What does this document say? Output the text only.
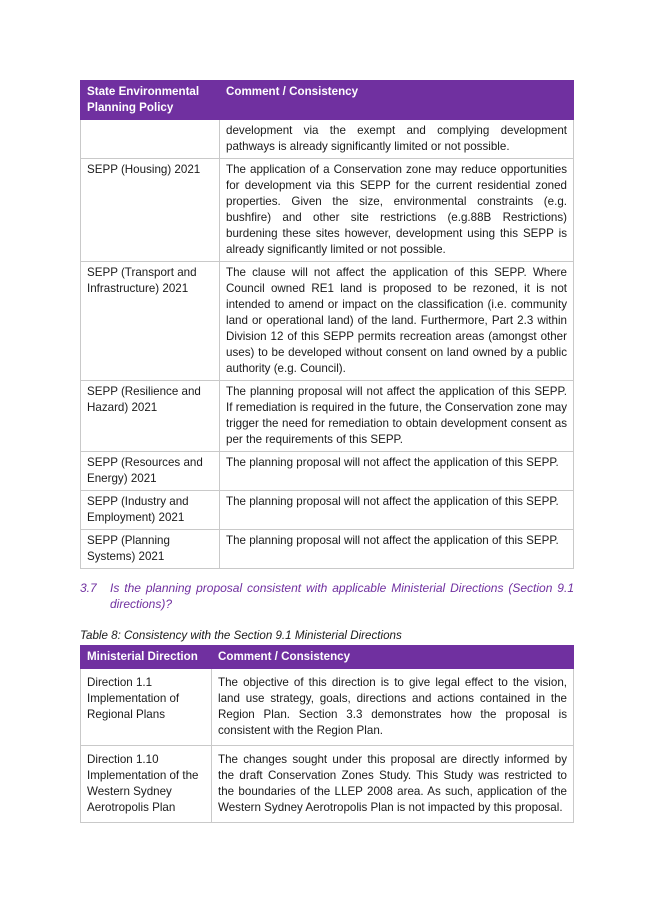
State Environmental Planning Policy	Comment / Consistency
	development via the exempt and complying development pathways is already significantly limited or not possible.
SEPP (Housing) 2021	The application of a Conservation zone may reduce opportunities for development via this SEPP for the current residential zoned properties. Given the size, environmental constraints (e.g. bushfire) and other site restrictions (e.g.88B Restrictions) burdening these sites however, development using this SEPP is already significantly limited or not possible.
SEPP (Transport and Infrastructure) 2021	The clause will not affect the application of this SEPP. Where Council owned RE1 land is proposed to be rezoned, it is not intended to amend or impact on the classification (i.e. community land or operational land) of the land. Furthermore, Part 2.3 within Division 12 of this SEPP permits recreation areas (amongst other uses) to be developed without consent on land owned by a public authority (e.g. Council).
SEPP (Resilience and Hazard) 2021	The planning proposal will not affect the application of this SEPP. If remediation is required in the future, the Conservation zone may trigger the need for remediation to obtain development consent as per the requirements of this SEPP.
SEPP (Resources and Energy) 2021	The planning proposal will not affect the application of this SEPP.
SEPP (Industry and Employment) 2021	The planning proposal will not affect the application of this SEPP.
SEPP (Planning Systems) 2021	The planning proposal will not affect the application of this SEPP.
3.7 Is the planning proposal consistent with applicable Ministerial Directions (Section 9.1 directions)?
Table 8: Consistency with the Section 9.1 Ministerial Directions
Ministerial Direction	Comment / Consistency
Direction 1.1 Implementation of Regional Plans	The objective of this direction is to give legal effect to the vision, land use strategy, goals, directions and actions contained in the Region Plan. Section 3.3 demonstrates how the proposal is consistent with the Region Plan.
Direction 1.10 Implementation of the Western Sydney Aerotropolis Plan	The changes sought under this proposal are directly informed by the draft Conservation Zones Study. This Study was restricted to the boundaries of the LLEP 2008 area. As such, application of the Western Sydney Aerotropolis Plan is not impacted by this proposal.
